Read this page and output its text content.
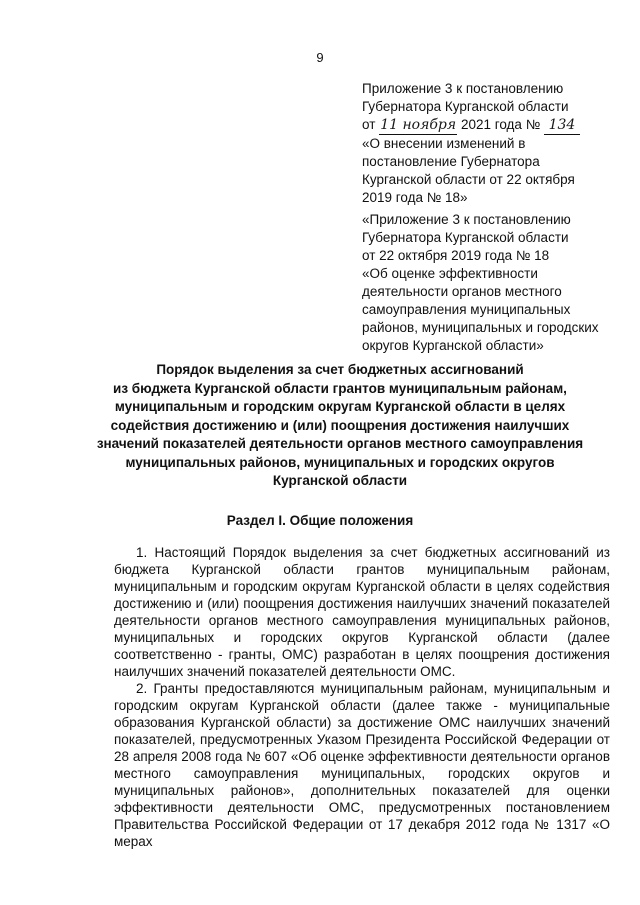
9
Приложение 3 к постановлению
Губернатора Курганской области
от 11 ноября 2021 года № 134
«О внесении изменений в
постановление Губернатора
Курганской области от 22 октября
2019 года № 18»
«Приложение 3 к постановлению
Губернатора Курганской области
от 22 октября 2019 года № 18
«Об оценке эффективности
деятельности органов местного
самоуправления муниципальных
районов, муниципальных и городских
округов Курганской области»
Порядок выделения за счет бюджетных ассигнований
из бюджета Курганской области грантов муниципальным районам,
муниципальным и городским округам Курганской области в целях
содействия достижению и (или) поощрения достижения наилучших
значений показателей деятельности органов местного самоуправления
муниципальных районов, муниципальных и городских округов
Курганской области
Раздел I. Общие положения

1. Настоящий Порядок выделения за счет бюджетных ассигнований из бюджета Курганской области грантов муниципальным районам, муниципальным и городским округам Курганской области в целях содействия достижению и (или) поощрения достижения наилучших значений показателей деятельности органов местного самоуправления муниципальных районов, муниципальных и городских округов Курганской области (далее соответственно - гранты, ОМС) разработан в целях поощрения достижения наилучших значений показателей деятельности ОМС.

2. Гранты предоставляются муниципальным районам, муниципальным и городским округам Курганской области (далее также - муниципальные образования Курганской области) за достижение ОМС наилучших значений показателей, предусмотренных Указом Президента Российской Федерации от 28 апреля 2008 года № 607 «Об оценке эффективности деятельности органов местного самоуправления муниципальных, городских округов и муниципальных районов», дополнительных показателей для оценки эффективности деятельности ОМС, предусмотренных постановлением Правительства Российской Федерации от 17 декабря 2012 года № 1317 «О мерах
